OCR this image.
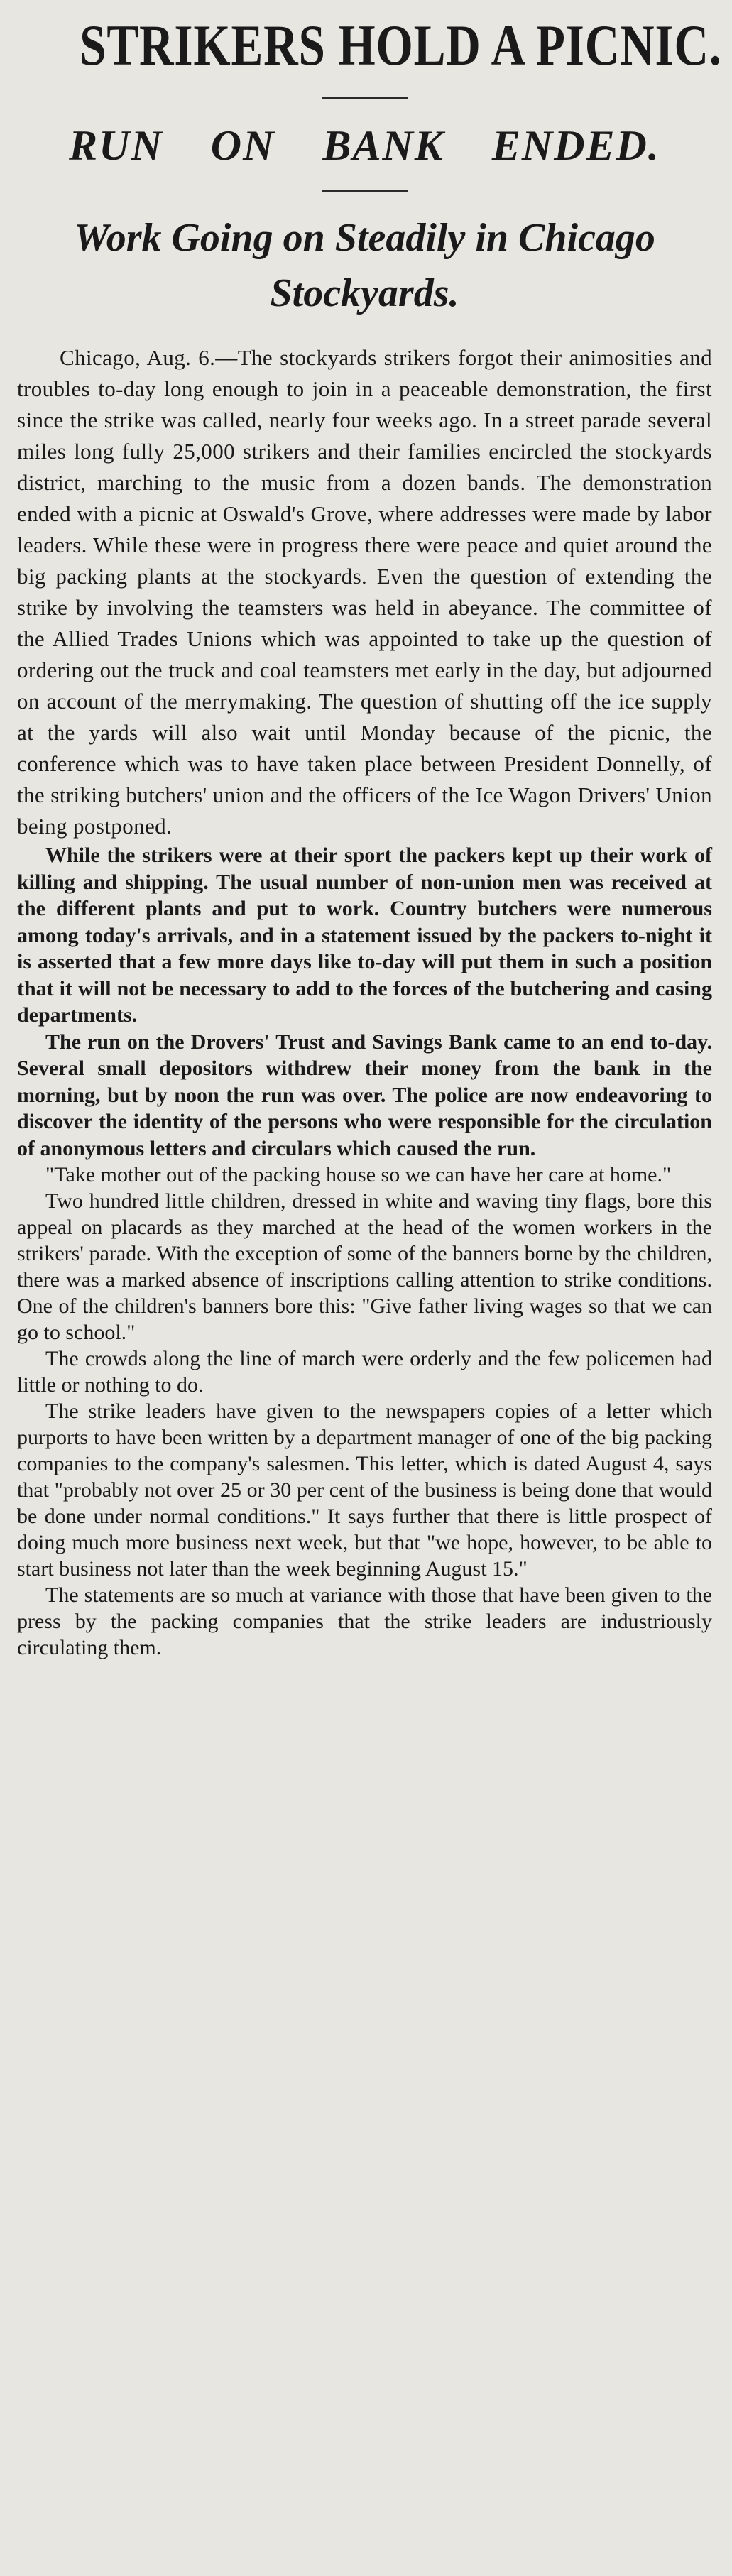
STRIKERS HOLD A PICNIC.
RUN ON BANK ENDED.
Work Going on Steadily in Chicago Stockyards.

Chicago, Aug. 6.—The stockyards strikers forgot their animosities and troubles to-day long enough to join in a peaceable demonstration, the first since the strike was called, nearly four weeks ago. In a street parade several miles long fully 25,000 strikers and their families encircled the stockyards district, marching to the music from a dozen bands. The demonstration ended with a picnic at Oswald's Grove, where addresses were made by labor leaders. While these were in progress there were peace and quiet around the big packing plants at the stockyards. Even the question of extending the strike by involving the teamsters was held in abeyance. The committee of the Allied Trades Unions which was appointed to take up the question of ordering out the truck and coal teamsters met early in the day, but adjourned on account of the merrymaking. The question of shutting off the ice supply at the yards will also wait until Monday because of the picnic, the conference which was to have taken place between President Donnelly, of the striking butchers' union and the officers of the Ice Wagon Drivers' Union being postponed.

While the strikers were at their sport the packers kept up their work of killing and shipping. The usual number of non-union men was received at the different plants and put to work. Country butchers were numerous among today's arrivals, and in a statement issued by the packers to-night it is asserted that a few more days like to-day will put them in such a position that it will not be necessary to add to the forces of the butchering and casing departments.

The run on the Drovers' Trust and Savings Bank came to an end to-day. Several small depositors withdrew their money from the bank in the morning, but by noon the run was over. The police are now endeavoring to discover the identity of the persons who were responsible for the circulation of anonymous letters and circulars which caused the run.

"Take mother out of the packing house so we can have her care at home."

Two hundred little children, dressed in white and waving tiny flags, bore this appeal on placards as they marched at the head of the women workers in the strikers' parade. With the exception of some of the banners borne by the children, there was a marked absence of inscriptions calling attention to strike conditions. One of the children's banners bore this: "Give father living wages so that we can go to school."

The crowds along the line of march were orderly and the few policemen had little or nothing to do.

The strike leaders have given to the newspapers copies of a letter which purports to have been written by a department manager of one of the big packing companies to the company's salesmen. This letter, which is dated August 4, says that "probably not over 25 or 30 per cent of the business is being done that would be done under normal conditions." It says further that there is little prospect of doing much more business next week, but that "we hope, however, to be able to start business not later than the week beginning August 15."

The statements are so much at variance with those that have been given to the press by the packing companies that the strike leaders are industriously circulating them.
